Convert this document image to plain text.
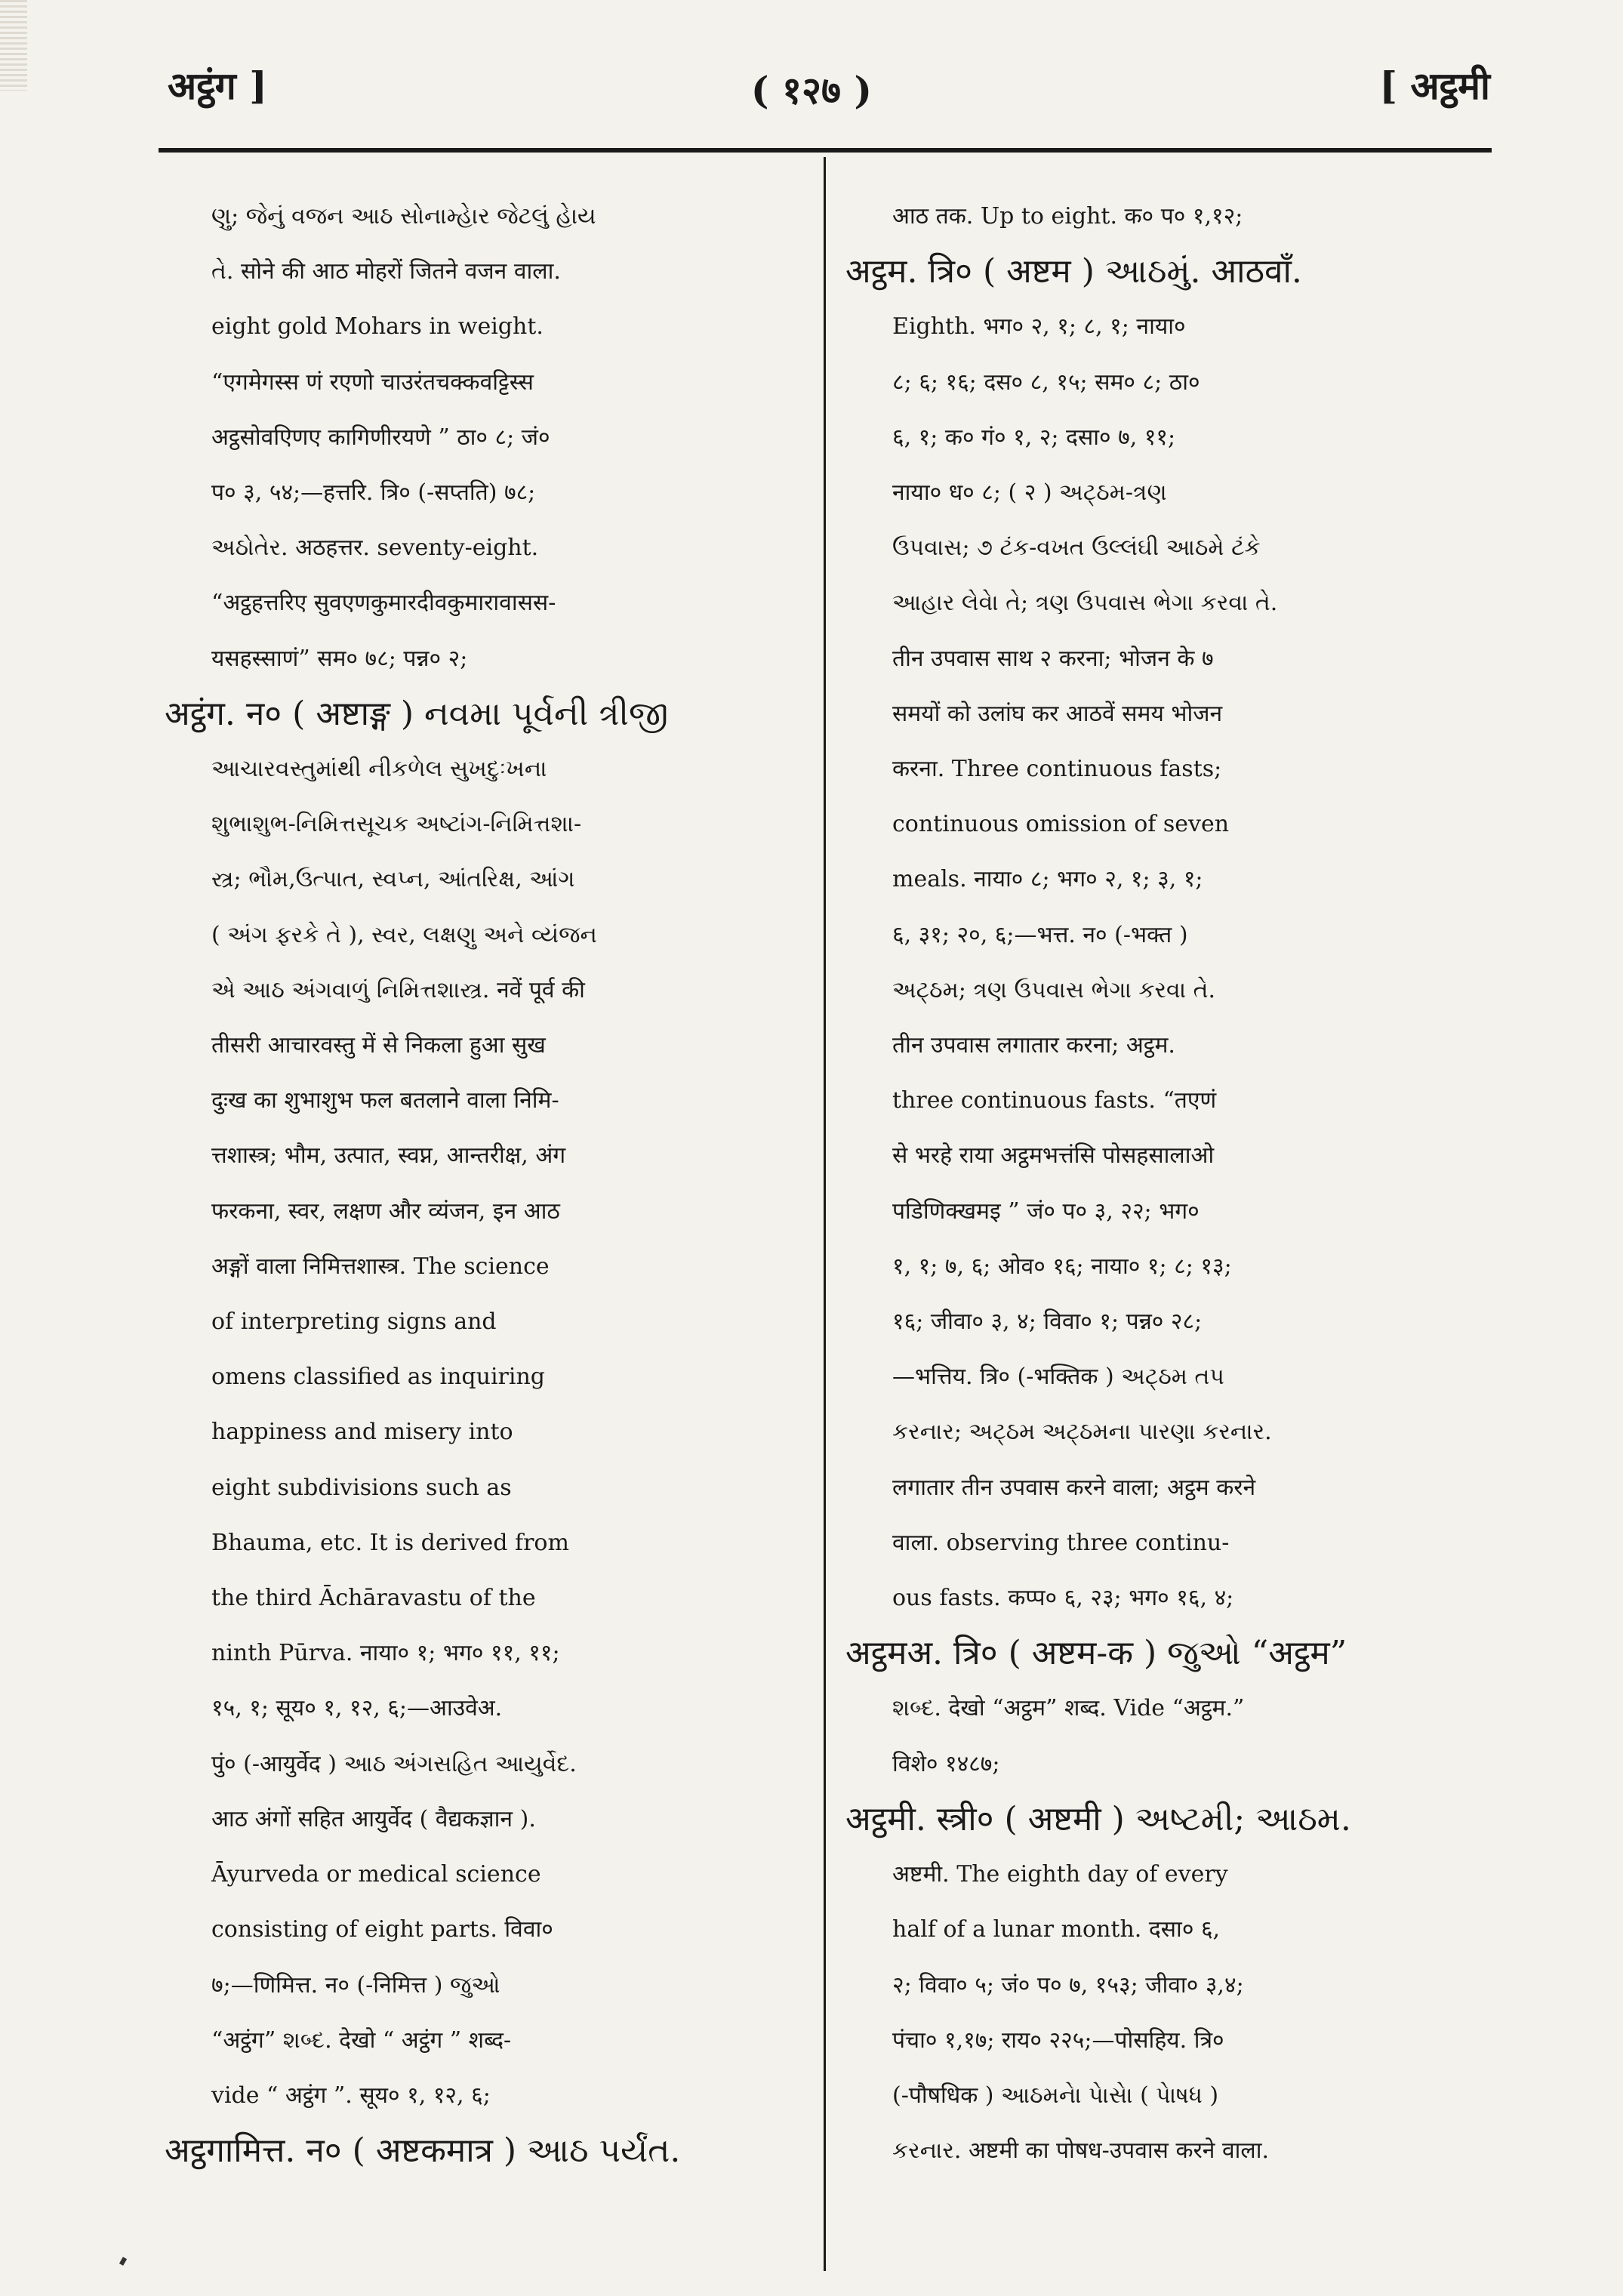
अट्ठंग ]	( १२७ )	[ अट्ठमी
ણુ; જેનું વજન આઠ સોનામ્હેાર જેટલું હેાય
તે. सोने की आठ मोहरों जितने वजन वाला.
eight gold Mohars in weight.
“एगमेगस्स णं रएणो चाउरंतचक्कवट्टिस्स
अट्ठसोवएिणए कागिणीरयणे ” ठा० ८; जं०
प० ३, ५४;—हत्तरि. त्रि० (-सप्तति) ७८;
અઠોતેર. अठहत्तर. seventy-eight.
“अट्ठहत्तरिए सुवएणकुमारदीवकुमारावासस-
यसहस्साणं” सम० ७८; पन्न० २;
अट्ठंग. न० ( अष्टाङ्ग ) નવમા પૂર્વની ત્રીજી
આચારવસ્તુમાંથી નીકળેલ સુખદુઃખના
શુભાશુભ-નિમિત્તસૂચક અષ્ટાંગ-નિમિત્તશા-
સ્ત્ર; ભૌમ,ઉત્પાત, સ્વપ્ન, આંતરિક્ષ, આંગ
( અંગ ફરકે તે ), સ્વર, લક્ષણુ અને વ્યંજન
એ આઠ અંગવાળું નિમિત્તશાસ્ત્ર. नवें पूर्व की
तीसरी आचारवस्तु में से निकला हुआ सुख
दुःख का शुभाशुभ फल बतलाने वाला निमि-
त्तशास्त्र; भौम, उत्पात, स्वप्न, आन्तरीक्ष, अंग
फरकना, स्वर, लक्षण और व्यंजन, इन आठ
अङ्गों वाला निमित्तशास्त्र. The science
of interpreting signs and
omens classified as inquiring
happiness and misery into
eight subdivisions such as
Bhauma, etc. It is derived from
the third Āchāravastu of the
ninth Pūrva. नाया० १; भग० ११, ११;
१५, १; सूय० १, १२, ६;—आउवेअ.
पुं० (-आयुर्वेद ) આઠ અંગસહિત આયુર્વેદ.
आठ अंगों सहित आयुर्वेद ( वैद्यकज्ञान ).
Āyurveda or medical science
consisting of eight parts. विवा०
७;—णिमित्त. न० (-निमित्त ) જુઓ
“अट्ठंग” શબ્દ. देखो “ अट्ठंग ” शब्द-
vide “ अट्ठंग ”. सूय० १, १२, ६;
अट्ठगामित्त. न० ( अष्टकमात्र ) આઠ પર્યંત.
आठ तक. Up to eight. क० प० १,१२;
अट्ठम. त्रि० ( अष्टम ) આઠમું. आठवाँ.
Eighth. भग० २, १; ८, १; नाया०
८; ६; १६; दस० ८, १५; सम० ८; ठा०
६, १; क० गं० १, २; दसा० ७, ११;
नाया० ध० ८; ( २ ) અટ્ઠમ-ત્રણ
ઉપવાસ; ૭ ટંક-વખત ઉલ્લંઘી આઠમે ટંકે
આહાર લેવેા તે; ત્રણ ઉપવાસ ભેગા કરવા તે.
तीन उपवास साथ २ करना; भोजन के ७
समयों को उलांघ कर आठवें समय भोजन
करना. Three continuous fasts;
continuous omission of seven
meals. नाया० ८; भग० २, १; ३, १;
६, ३१; २०, ६;—भत्त. न० (-भक्त )
અટ્ઠમ; ત્રણ ઉપવાસ ભેગા કરવા તે.
तीन उपवास लगातार करना; अट्ठम.
three continuous fasts. “तएणं
से भरहे राया अट्ठमभत्तंसि पोसहसालाओ
पडिणिक्खमइ ” जं० प० ३, २२; भग०
१, १; ७, ६; ओव० १६; नाया० १; ८; १३;
१६; जीवा० ३, ४; विवा० १; पन्न० २८;
—भत्तिय. त्रि० (-भक्तिक ) અટ્ઠમ તપ
કરનાર; અટ્ઠમ અટ્ઠમના પારણા કરનાર.
लगातार तीन उपवास करने वाला; अट्ठम करने
वाला. observing three continu-
ous fasts. कप्प० ६, २३; भग० १६, ४;
अट्ठमअ. त्रि० ( अष्टम-क ) જુઓ “अट्ठम”
શબ્દ. देखो “अट्ठम” शब्द. Vide “अट्ठम.”
विशे० १४८७;
अट्ठमी. स्त्री० ( अष्टमी ) અષ્ટમી; આઠમ.
अष्टमी. The eighth day of every
half of a lunar month. दसा० ६,
२; विवा० ५; जं० प० ७, १५३; जीवा० ३,४;
पंचा० १,१७; राय० २२५;—पोसहिय. त्रि०
(-पौषधिक ) આઠમનેા પેાસેા ( પેાષધ )
કરનાર. अष्टमी का पोषध-उपवास करने वाला.
